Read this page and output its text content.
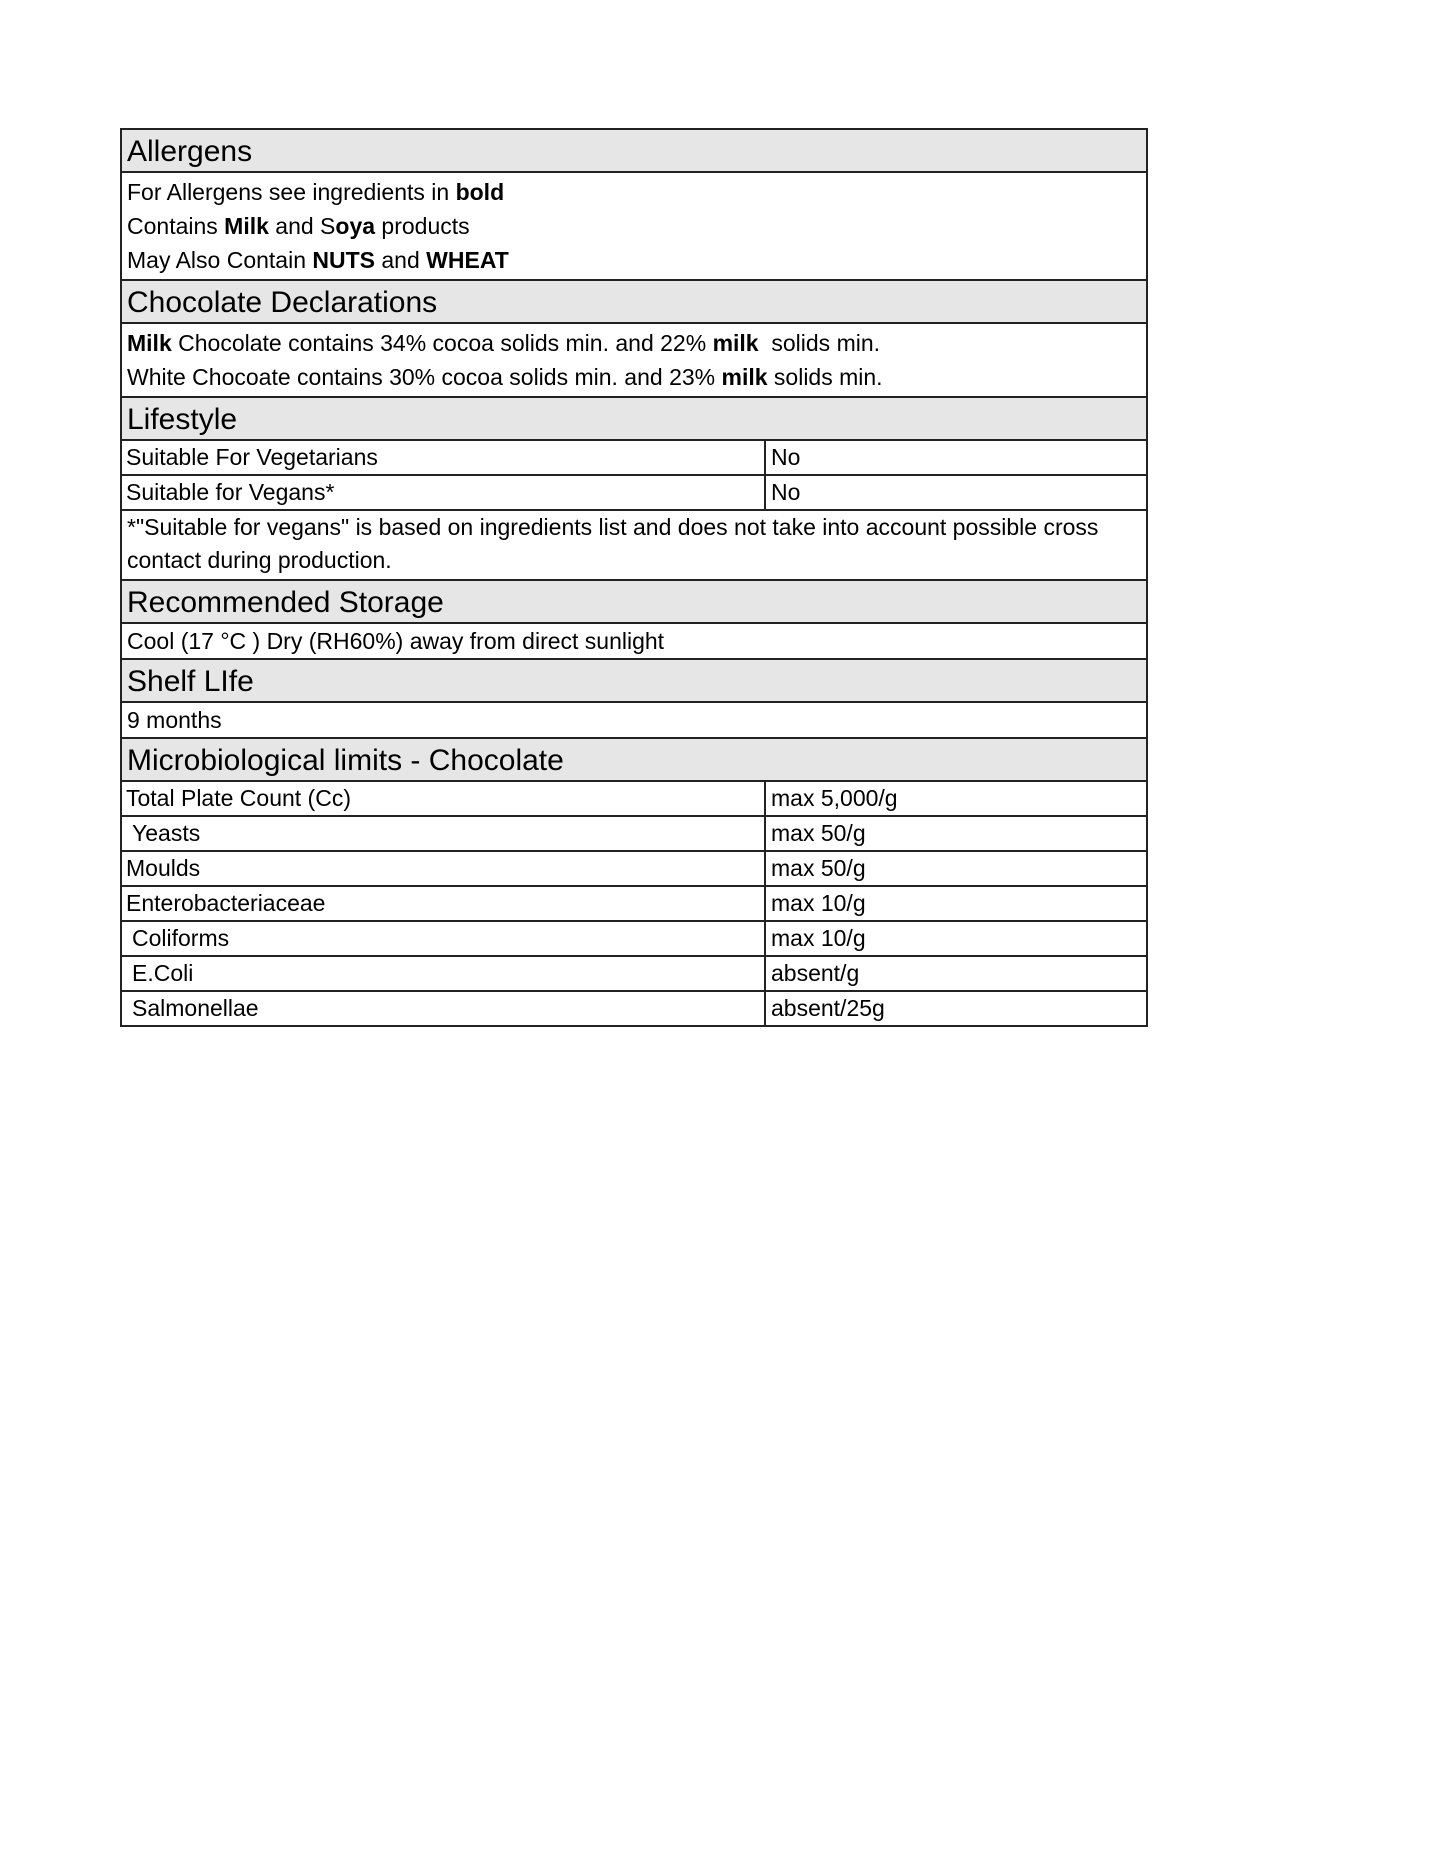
Allergens
For Allergens see ingredients in bold
Contains Milk and Soya products
May Also Contain NUTS and WHEAT
Chocolate Declarations
Milk Chocolate contains 34% cocoa solids min. and 22% milk  solids min.
White Chocoate contains 30% cocoa solids min. and 23% milk solids min.
Lifestyle
Suitable For Vegetarians	No
Suitable for Vegans*	No
*"Suitable for vegans" is based on ingredients list and does not take into account possible cross
contact during production.
Recommended Storage
Cool (17 °C ) Dry (RH60%) away from direct sunlight
Shelf LIfe
9 months
Microbiological limits - Chocolate
Total Plate Count (Cc)	max 5,000/g
Yeasts	max 50/g
Moulds	max 50/g
Enterobacteriaceae	max 10/g
Coliforms	max 10/g
E.Coli	absent/g
Salmonellae	absent/25g
